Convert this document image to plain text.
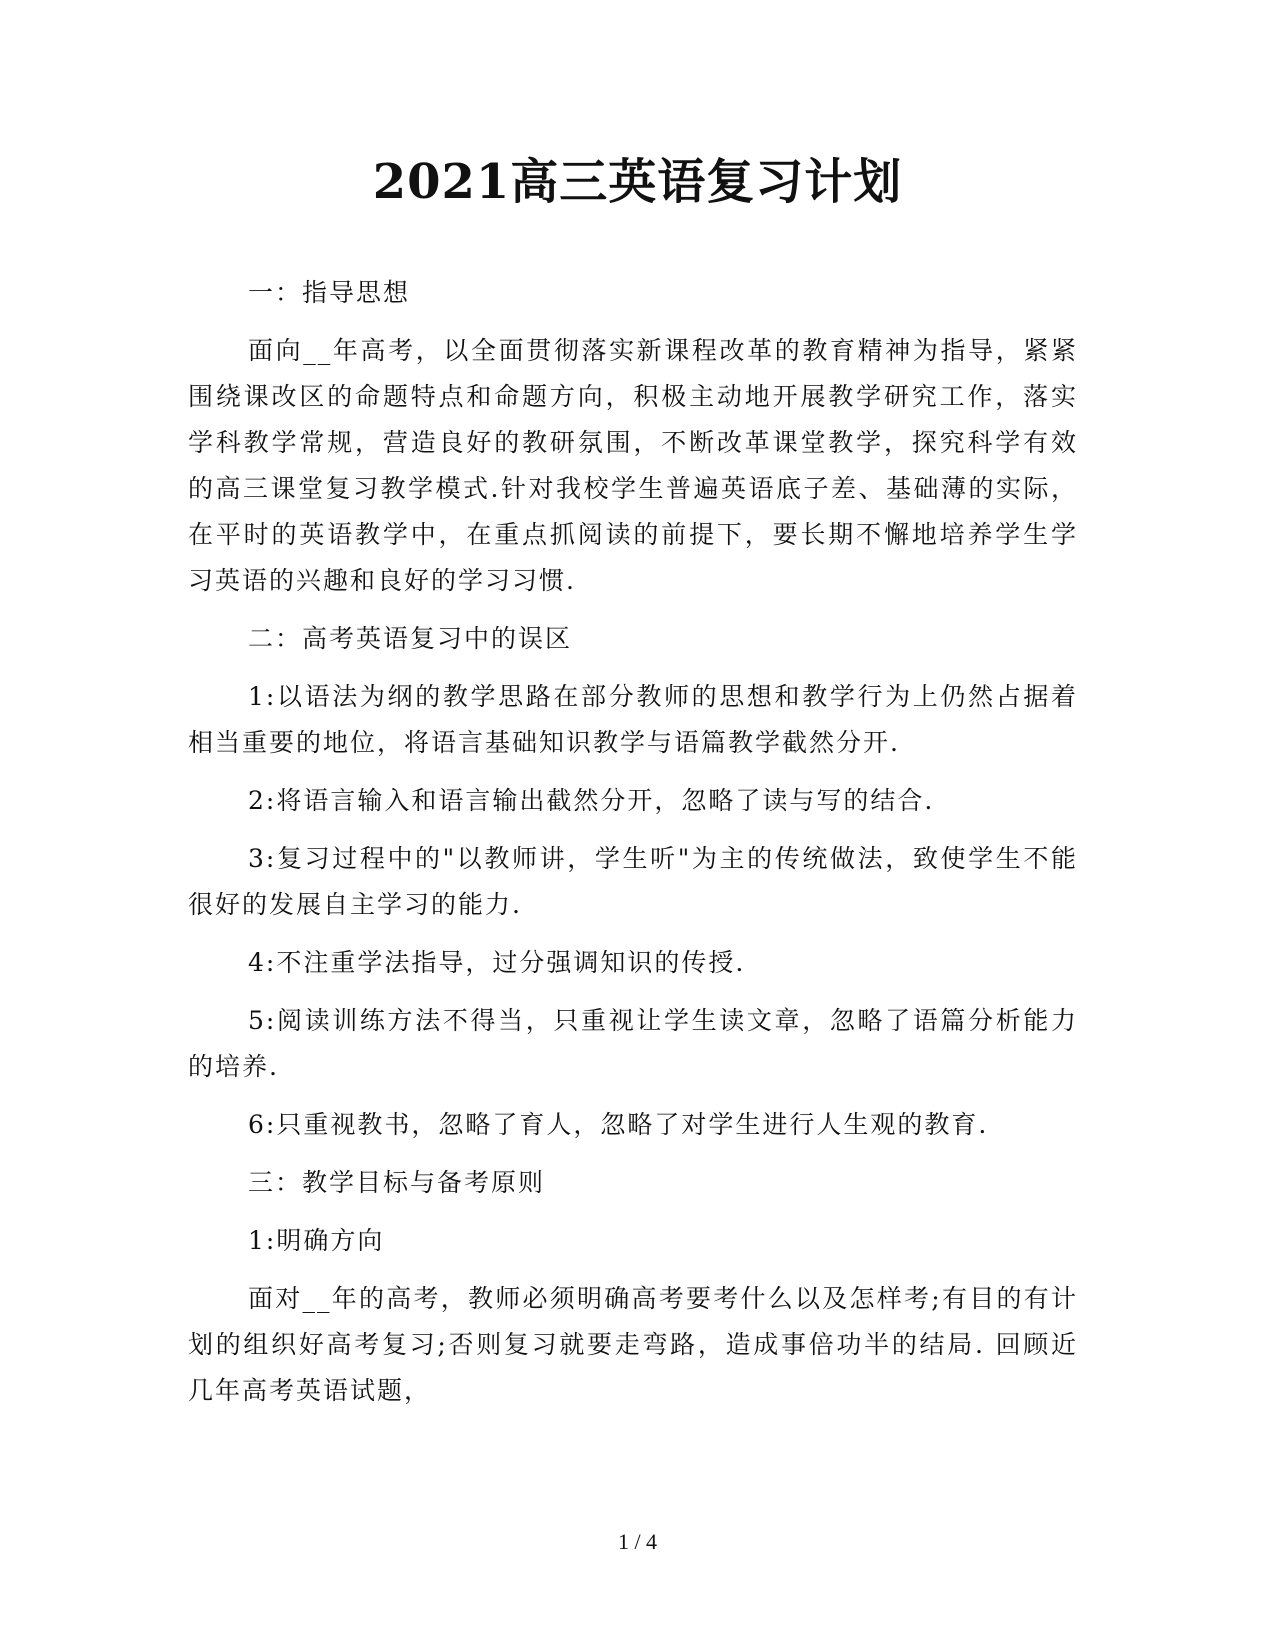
2021高三英语复习计划

一：指导思想

面向__年高考，以全面贯彻落实新课程改革的教育精神为指导，紧紧围绕课改区的命题特点和命题方向，积极主动地开展教学研究工作，落实学科教学常规，营造良好的教研氛围，不断改革课堂教学，探究科学有效的高三课堂复习教学模式.针对我校学生普遍英语底子差、基础薄的实际，在平时的英语教学中，在重点抓阅读的前提下，要长期不懈地培养学生学习英语的兴趣和良好的学习习惯.

二：高考英语复习中的误区

1:以语法为纲的教学思路在部分教师的思想和教学行为上仍然占据着相当重要的地位，将语言基础知识教学与语篇教学截然分开.

2:将语言输入和语言输出截然分开，忽略了读与写的结合.

3:复习过程中的"以教师讲，学生听"为主的传统做法，致使学生不能很好的发展自主学习的能力.

4:不注重学法指导，过分强调知识的传授.

5:阅读训练方法不得当，只重视让学生读文章，忽略了语篇分析能力的培养.

6:只重视教书，忽略了育人，忽略了对学生进行人生观的教育.

三：教学目标与备考原则

1:明确方向

面对__年的高考，教师必须明确高考要考什么以及怎样考;有目的有计划的组织好高考复习;否则复习就要走弯路，造成事倍功半的结局. 回顾近几年高考英语试题，

1 / 4
